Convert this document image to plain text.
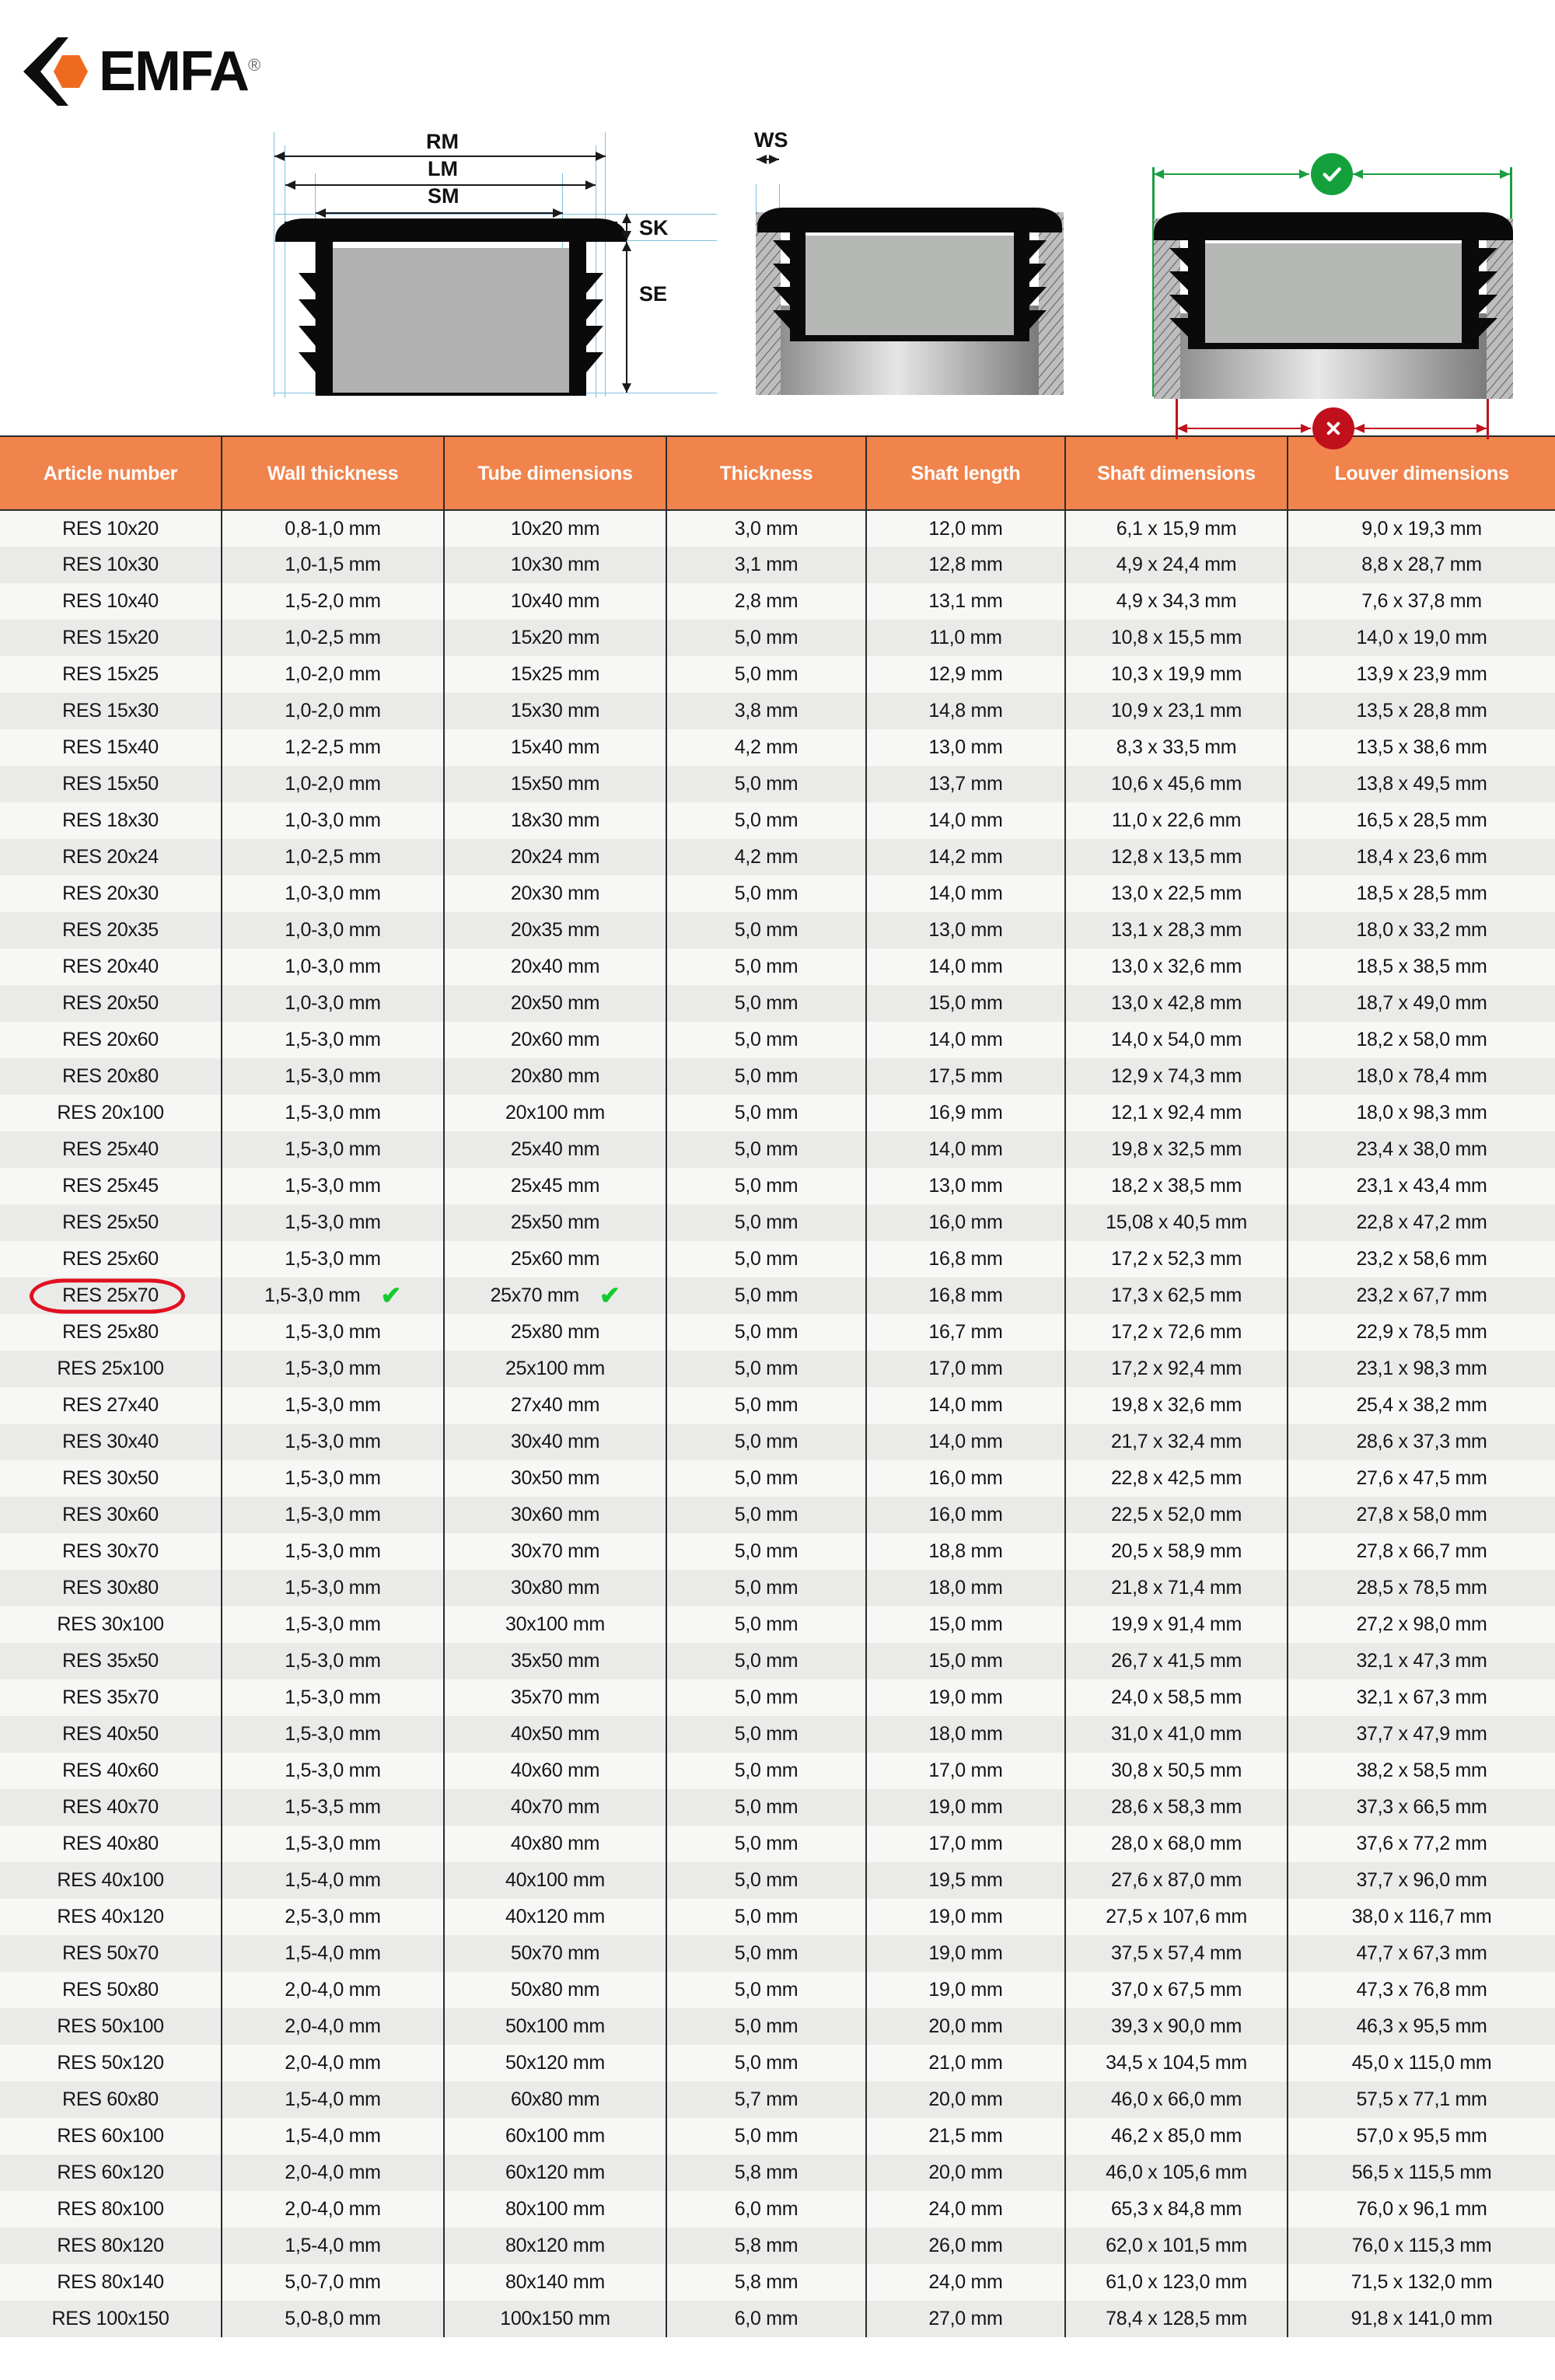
EMFA®
RM
LM
SM
SK
SE
WS
Article number	Wall thickness	Tube dimensions	Thickness	Shaft length	Shaft dimensions	Louver dimensions
RES 10x20	0,8-1,0 mm	10x20 mm	3,0 mm	12,0 mm	6,1 x 15,9 mm	9,0 x 19,3 mm
RES 10x30	1,0-1,5 mm	10x30 mm	3,1 mm	12,8 mm	4,9 x 24,4 mm	8,8 x 28,7 mm
RES 10x40	1,5-2,0 mm	10x40 mm	2,8 mm	13,1 mm	4,9 x 34,3 mm	7,6 x 37,8 mm
RES 15x20	1,0-2,5 mm	15x20 mm	5,0 mm	11,0 mm	10,8 x 15,5 mm	14,0 x 19,0 mm
RES 15x25	1,0-2,0 mm	15x25 mm	5,0 mm	12,9 mm	10,3 x 19,9 mm	13,9 x 23,9 mm
RES 15x30	1,0-2,0 mm	15x30 mm	3,8 mm	14,8 mm	10,9 x 23,1 mm	13,5 x 28,8 mm
RES 15x40	1,2-2,5 mm	15x40 mm	4,2 mm	13,0 mm	8,3 x 33,5 mm	13,5 x 38,6 mm
RES 15x50	1,0-2,0 mm	15x50 mm	5,0 mm	13,7 mm	10,6 x 45,6 mm	13,8 x 49,5 mm
RES 18x30	1,0-3,0 mm	18x30 mm	5,0 mm	14,0 mm	11,0 x 22,6 mm	16,5 x 28,5 mm
RES 20x24	1,0-2,5 mm	20x24 mm	4,2 mm	14,2 mm	12,8 x 13,5 mm	18,4 x 23,6 mm
RES 20x30	1,0-3,0 mm	20x30 mm	5,0 mm	14,0 mm	13,0 x 22,5 mm	18,5 x 28,5 mm
RES 20x35	1,0-3,0 mm	20x35 mm	5,0 mm	13,0 mm	13,1 x 28,3 mm	18,0 x 33,2 mm
RES 20x40	1,0-3,0 mm	20x40 mm	5,0 mm	14,0 mm	13,0 x 32,6 mm	18,5 x 38,5 mm
RES 20x50	1,0-3,0 mm	20x50 mm	5,0 mm	15,0 mm	13,0 x 42,8 mm	18,7 x 49,0 mm
RES 20x60	1,5-3,0 mm	20x60 mm	5,0 mm	14,0 mm	14,0 x 54,0 mm	18,2 x 58,0 mm
RES 20x80	1,5-3,0 mm	20x80 mm	5,0 mm	17,5 mm	12,9 x 74,3 mm	18,0 x 78,4 mm
RES 20x100	1,5-3,0 mm	20x100 mm	5,0 mm	16,9 mm	12,1 x 92,4 mm	18,0 x 98,3 mm
RES 25x40	1,5-3,0 mm	25x40 mm	5,0 mm	14,0 mm	19,8 x 32,5 mm	23,4 x 38,0 mm
RES 25x45	1,5-3,0 mm	25x45 mm	5,0 mm	13,0 mm	18,2 x 38,5 mm	23,1 x 43,4 mm
RES 25x50	1,5-3,0 mm	25x50 mm	5,0 mm	16,0 mm	15,08 x 40,5 mm	22,8 x 47,2 mm
RES 25x60	1,5-3,0 mm	25x60 mm	5,0 mm	16,8 mm	17,2 x 52,3 mm	23,2 x 58,6 mm
RES 25x70	1,5-3,0 mm ✔	25x70 mm ✔	5,0 mm	16,8 mm	17,3 x 62,5 mm	23,2 x 67,7 mm
RES 25x80	1,5-3,0 mm	25x80 mm	5,0 mm	16,7 mm	17,2 x 72,6 mm	22,9 x 78,5 mm
RES 25x100	1,5-3,0 mm	25x100 mm	5,0 mm	17,0 mm	17,2 x 92,4 mm	23,1 x 98,3 mm
RES 27x40	1,5-3,0 mm	27x40 mm	5,0 mm	14,0 mm	19,8 x 32,6 mm	25,4 x 38,2 mm
RES 30x40	1,5-3,0 mm	30x40 mm	5,0 mm	14,0 mm	21,7 x 32,4 mm	28,6 x 37,3 mm
RES 30x50	1,5-3,0 mm	30x50 mm	5,0 mm	16,0 mm	22,8 x 42,5 mm	27,6 x 47,5 mm
RES 30x60	1,5-3,0 mm	30x60 mm	5,0 mm	16,0 mm	22,5 x 52,0 mm	27,8 x 58,0 mm
RES 30x70	1,5-3,0 mm	30x70 mm	5,0 mm	18,8 mm	20,5 x 58,9 mm	27,8 x 66,7 mm
RES 30x80	1,5-3,0 mm	30x80 mm	5,0 mm	18,0 mm	21,8 x 71,4 mm	28,5 x 78,5 mm
RES 30x100	1,5-3,0 mm	30x100 mm	5,0 mm	15,0 mm	19,9 x 91,4 mm	27,2 x 98,0 mm
RES 35x50	1,5-3,0 mm	35x50 mm	5,0 mm	15,0 mm	26,7 x 41,5 mm	32,1 x 47,3 mm
RES 35x70	1,5-3,0 mm	35x70 mm	5,0 mm	19,0 mm	24,0 x 58,5 mm	32,1 x 67,3 mm
RES 40x50	1,5-3,0 mm	40x50 mm	5,0 mm	18,0 mm	31,0 x 41,0 mm	37,7 x 47,9 mm
RES 40x60	1,5-3,0 mm	40x60 mm	5,0 mm	17,0 mm	30,8 x 50,5 mm	38,2 x 58,5 mm
RES 40x70	1,5-3,5 mm	40x70 mm	5,0 mm	19,0 mm	28,6 x 58,3 mm	37,3 x 66,5 mm
RES 40x80	1,5-3,0 mm	40x80 mm	5,0 mm	17,0 mm	28,0 x 68,0 mm	37,6 x 77,2 mm
RES 40x100	1,5-4,0 mm	40x100 mm	5,0 mm	19,5 mm	27,6 x 87,0 mm	37,7 x 96,0 mm
RES 40x120	2,5-3,0 mm	40x120 mm	5,0 mm	19,0 mm	27,5 x 107,6 mm	38,0 x 116,7 mm
RES 50x70	1,5-4,0 mm	50x70 mm	5,0 mm	19,0 mm	37,5 x 57,4 mm	47,7 x 67,3 mm
RES 50x80	2,0-4,0 mm	50x80 mm	5,0 mm	19,0 mm	37,0 x 67,5 mm	47,3 x 76,8 mm
RES 50x100	2,0-4,0 mm	50x100 mm	5,0 mm	20,0 mm	39,3 x 90,0 mm	46,3 x 95,5 mm
RES 50x120	2,0-4,0 mm	50x120 mm	5,0 mm	21,0 mm	34,5 x 104,5 mm	45,0 x 115,0 mm
RES 60x80	1,5-4,0 mm	60x80 mm	5,7 mm	20,0 mm	46,0 x 66,0 mm	57,5 x 77,1 mm
RES 60x100	1,5-4,0 mm	60x100 mm	5,0 mm	21,5 mm	46,2 x 85,0 mm	57,0 x 95,5 mm
RES 60x120	2,0-4,0 mm	60x120 mm	5,8 mm	20,0 mm	46,0 x 105,6 mm	56,5 x 115,5 mm
RES 80x100	2,0-4,0 mm	80x100 mm	6,0 mm	24,0 mm	65,3 x 84,8 mm	76,0 x 96,1 mm
RES 80x120	1,5-4,0 mm	80x120 mm	5,8 mm	26,0 mm	62,0 x 101,5 mm	76,0 x 115,3 mm
RES 80x140	5,0-7,0 mm	80x140 mm	5,8 mm	24,0 mm	61,0 x 123,0 mm	71,5 x 132,0 mm
RES 100x150	5,0-8,0 mm	100x150 mm	6,0 mm	27,0 mm	78,4 x 128,5 mm	91,8 x 141,0 mm
